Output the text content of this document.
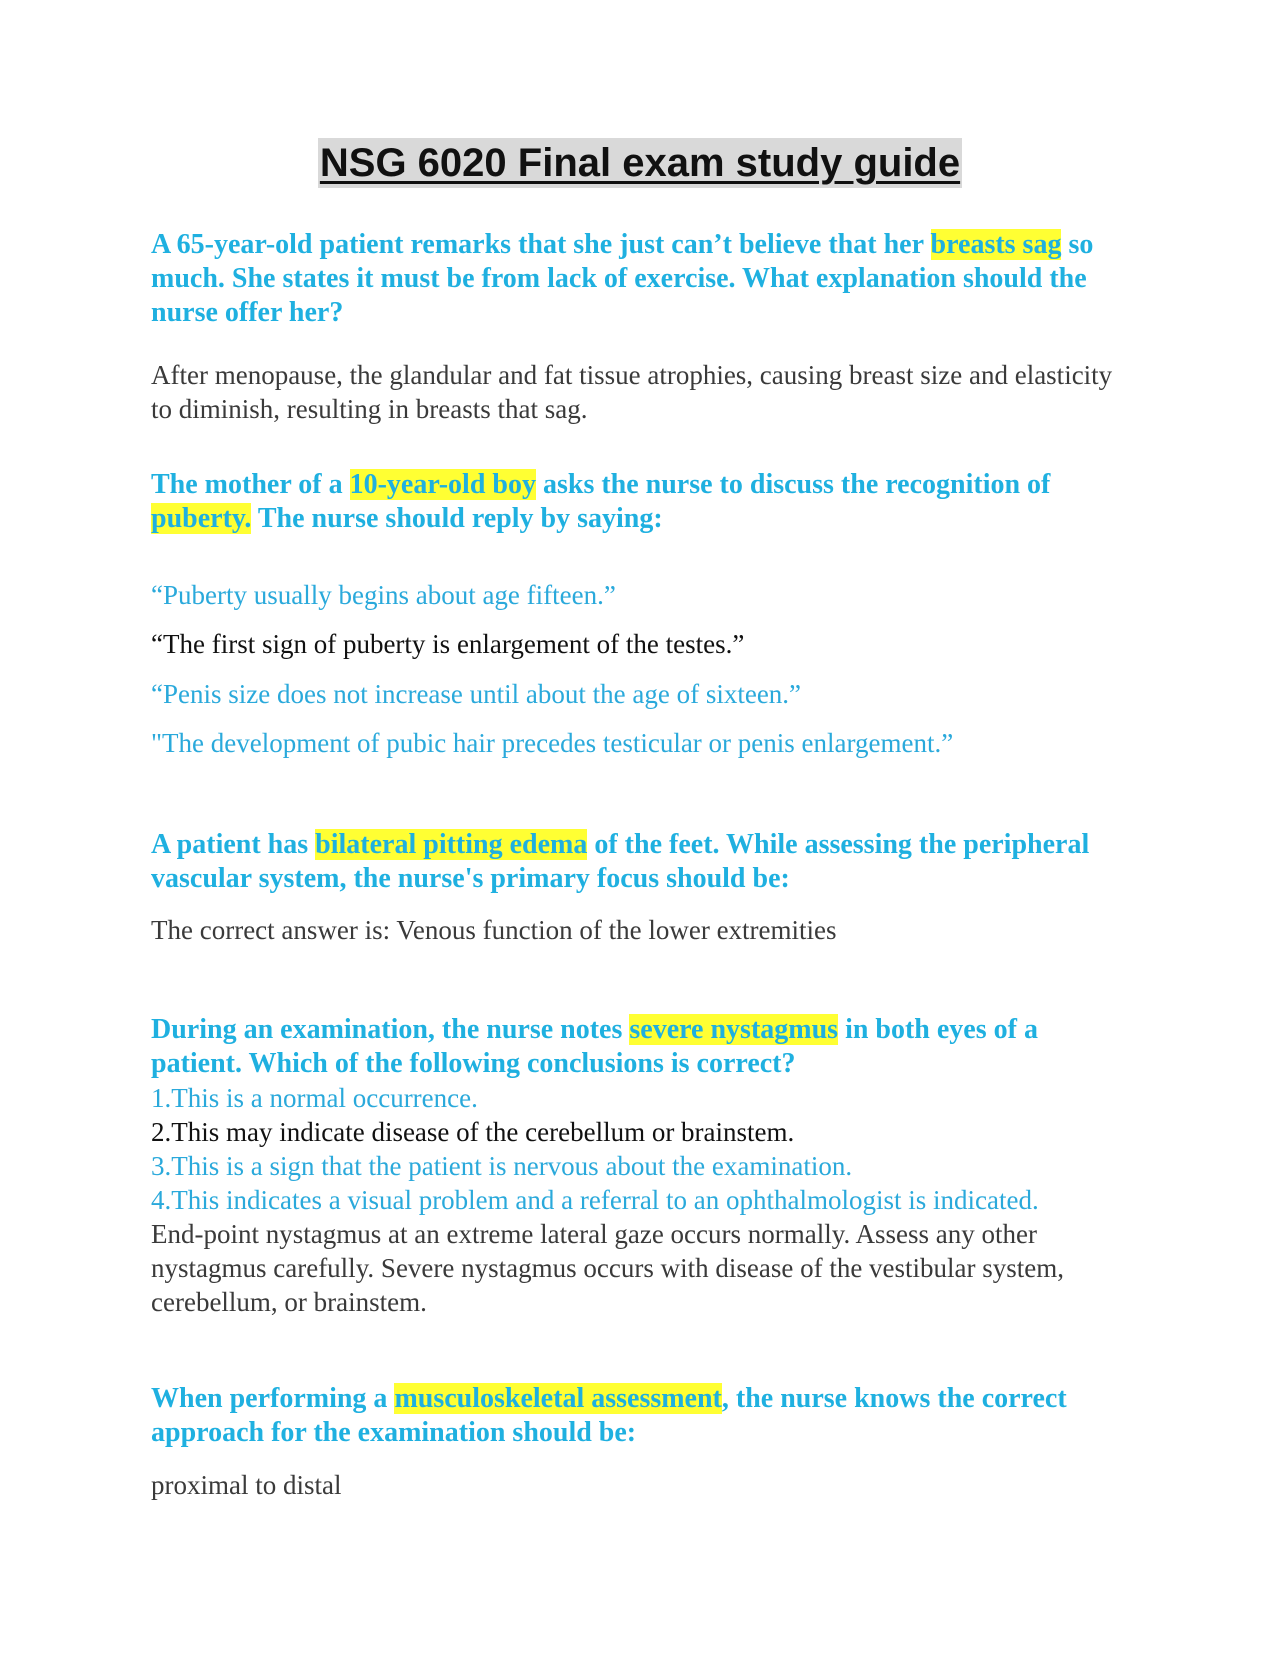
NSG 6020 Final exam study guide

A 65-year-old patient remarks that she just can’t believe that her breasts sag so much. She states it must be from lack of exercise. What explanation should the nurse offer her?

After menopause, the glandular and fat tissue atrophies, causing breast size and elasticity to diminish, resulting in breasts that sag.

The mother of a 10-year-old boy asks the nurse to discuss the recognition of puberty. The nurse should reply by saying:

“Puberty usually begins about age fifteen.”

“The first sign of puberty is enlargement of the testes.”

“Penis size does not increase until about the age of sixteen.”

"The development of pubic hair precedes testicular or penis enlargement.”

A patient has bilateral pitting edema of the feet. While assessing the peripheral vascular system, the nurse's primary focus should be:

The correct answer is: Venous function of the lower extremities

During an examination, the nurse notes severe nystagmus in both eyes of a patient. Which of the following conclusions is correct?

1.This is a normal occurrence.

2.This may indicate disease of the cerebellum or brainstem.

3.This is a sign that the patient is nervous about the examination.

4.This indicates a visual problem and a referral to an ophthalmologist is indicated.

End-point nystagmus at an extreme lateral gaze occurs normally. Assess any other nystagmus carefully. Severe nystagmus occurs with disease of the vestibular system, cerebellum, or brainstem.

When performing a musculoskeletal assessment, the nurse knows the correct approach for the examination should be:

proximal to distal
